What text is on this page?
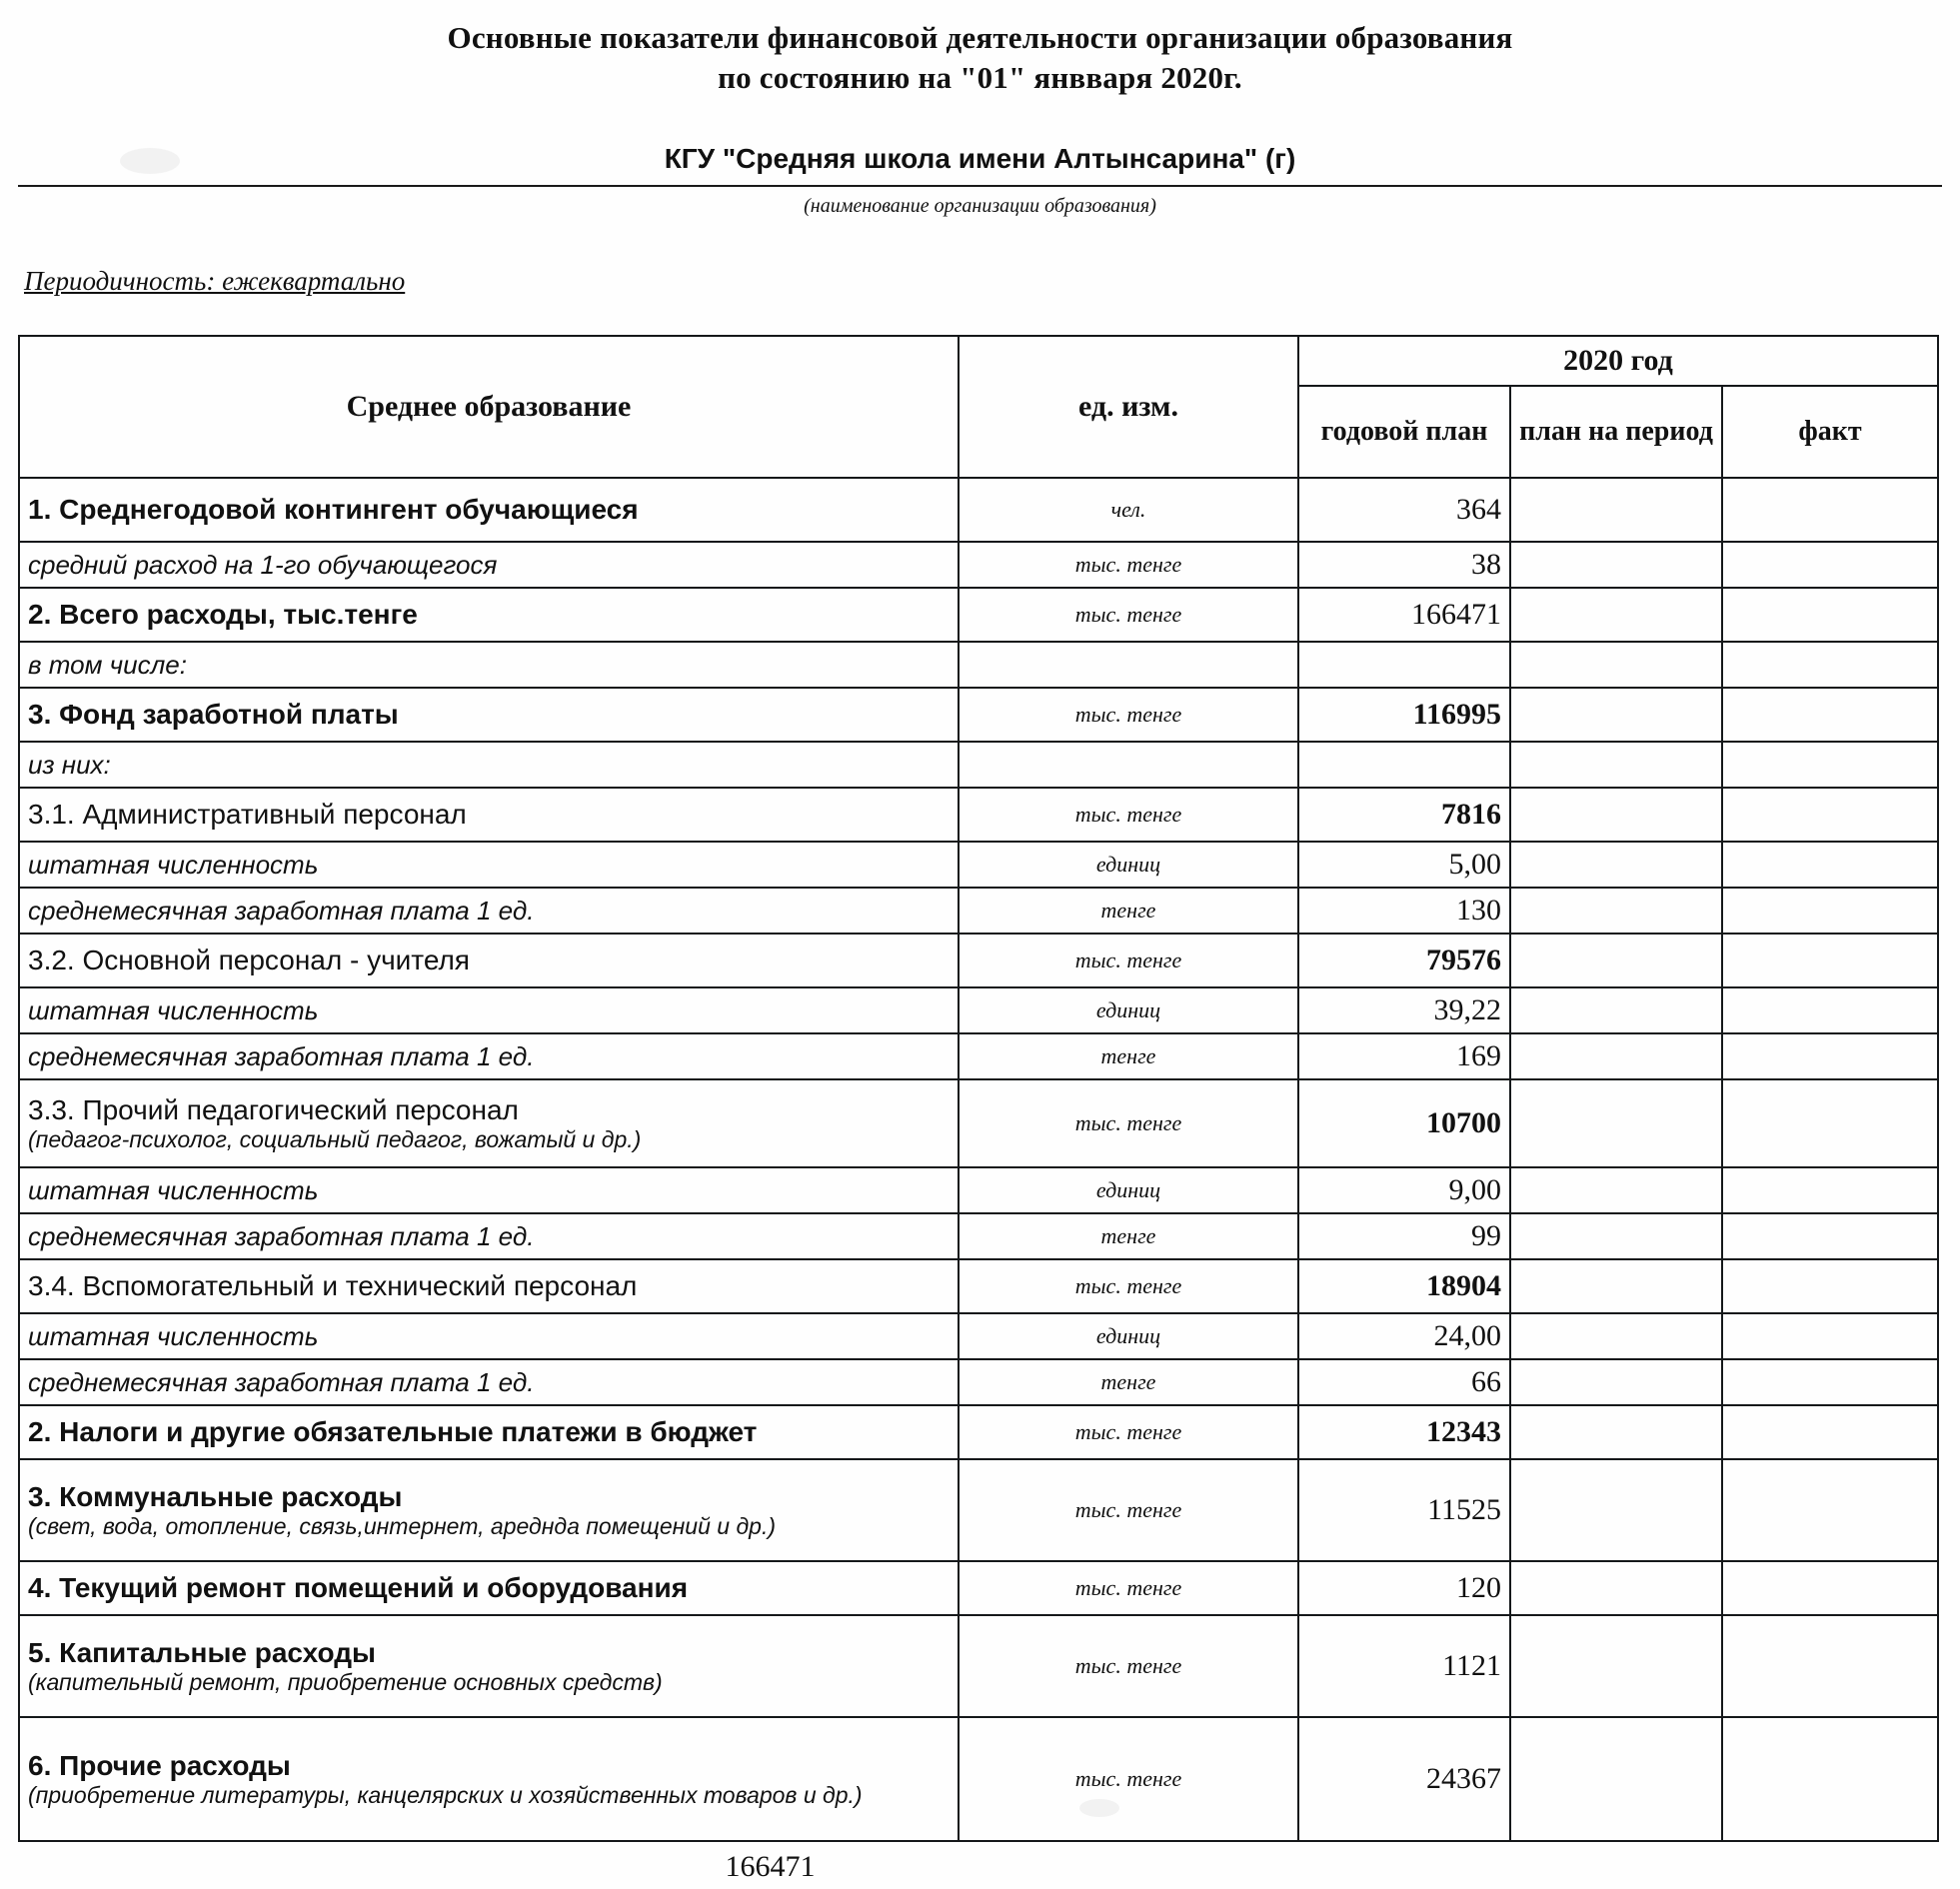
Основные показатели финансовой деятельности организации образования
по состоянию на "01" янввapя 2020г.
КГУ "Средняя школа имени Алтынсарина" (г)
(наименование организации образования)
Периодичность: ежеквартально
Среднее образование	ед. изм.	2020 год		
		годовой план	план на период	факт
1. Среднегодовой контингент обучающиеся	чел.	364		
средний расход на 1-го обучающегося	тыс. тенге	38		
2. Всего расходы, тыс.тенге	тыс. тенге	166471		
в том числе:				
3. Фонд заработной платы	тыс. тенге	116995		
из них:				
3.1. Административный персонал	тыс. тенге	7816		
штатная численность	единиц	5,00		
среднемесячная заработная плата 1 ед.	тенге	130		
3.2. Основной персонал - учителя	тыс. тенге	79576		
штатная численность	единиц	39,22		
среднемесячная заработная плата 1 ед.	тенге	169		
3.3. Прочий педагогический персонал
(педагог-психолог, социальный педагог, вожатый и др.)	тыс. тенге	10700		
штатная численность	единиц	9,00		
среднемесячная заработная плата 1 ед.	тенге	99		
3.4. Вспомогательный и технический персонал	тыс. тенге	18904		
штатная численность	единиц	24,00		
среднемесячная заработная плата 1 ед.	тенге	66		
2. Налоги и другие обязательные платежи в бюджет	тыс. тенге	12343		
3. Коммунальные расходы
(свет, вода, отопление, связь,интернет, ареднда помещений и др.)	тыс. тенге	11525		
4. Текущий ремонт помещений и оборудования	тыс. тенге	120		
5. Капитальные расходы
(капительный ремонт, приобретение основных средств)	тыс. тенге	1121		
6. Прочие расходы
(приобретение литературы, канцелярских и хозяйственных товаров и др.)	тыс. тенге	24367		
166471
